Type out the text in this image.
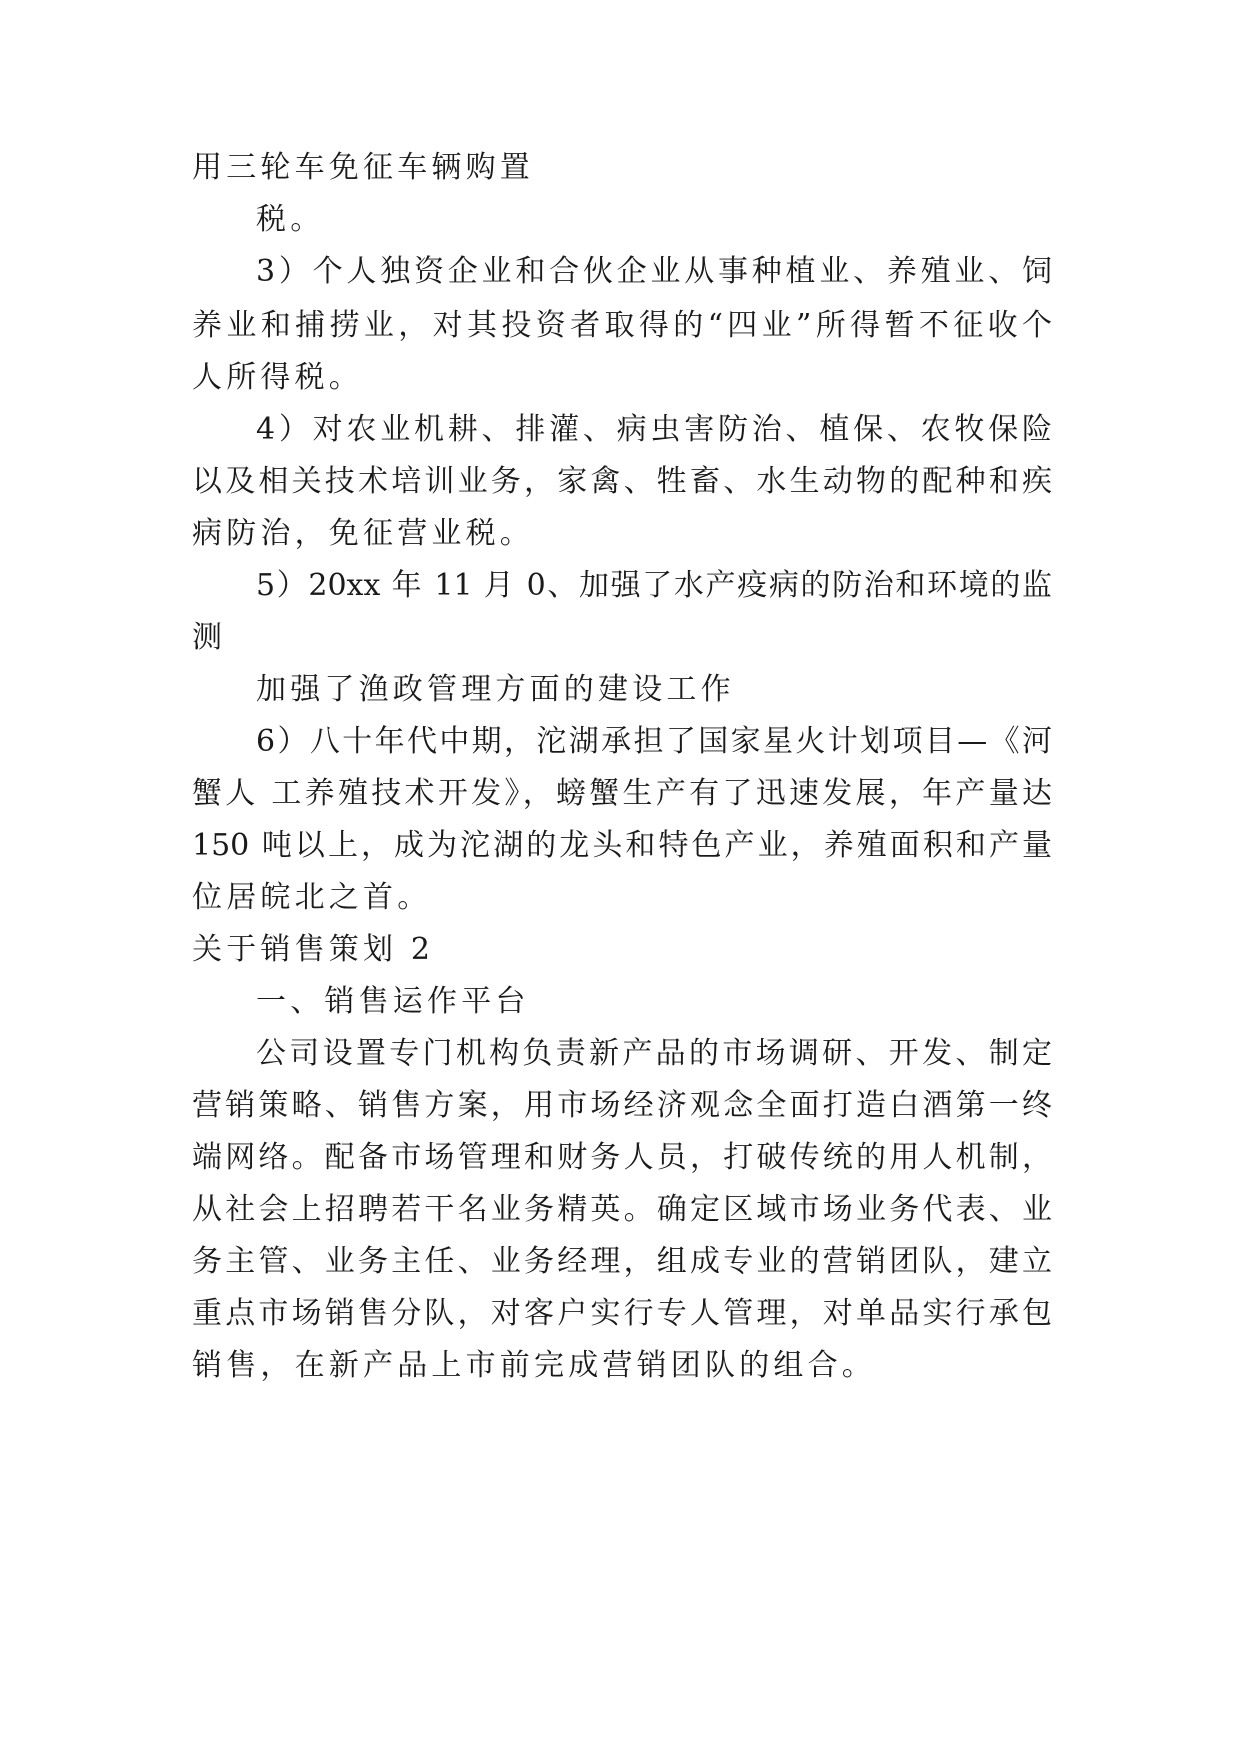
用三轮车免征车辆购置

税。

3）个人独资企业和合伙企业从事种植业、养殖业、饲

养业和捕捞业，对其投资者取得的“四业”所得暂不征收个

人所得税。

4）对农业机耕、排灌、病虫害防治、植保、农牧保险

以及相关技术培训业务，家禽、牲畜、水生动物的配种和疾

病防治，免征营业税。

5）20xx 年 11 月 0、加强了水产疫病的防治和环境的监

测

加强了渔政管理方面的建设工作

6）八十年代中期，沱湖承担了国家星火计划项目—《河

蟹人 工养殖技术开发》，螃蟹生产有了迅速发展，年产量达

150 吨以上，成为沱湖的龙头和特色产业，养殖面积和产量

位居皖北之首。

关于销售策划 2

一、销售运作平台

公司设置专门机构负责新产品的市场调研、开发、制定

营销策略、销售方案，用市场经济观念全面打造白酒第一终

端网络。配备市场管理和财务人员，打破传统的用人机制，

从社会上招聘若干名业务精英。确定区域市场业务代表、业

务主管、业务主任、业务经理，组成专业的营销团队，建立

重点市场销售分队，对客户实行专人管理，对单品实行承包

销售，在新产品上市前完成营销团队的组合。
